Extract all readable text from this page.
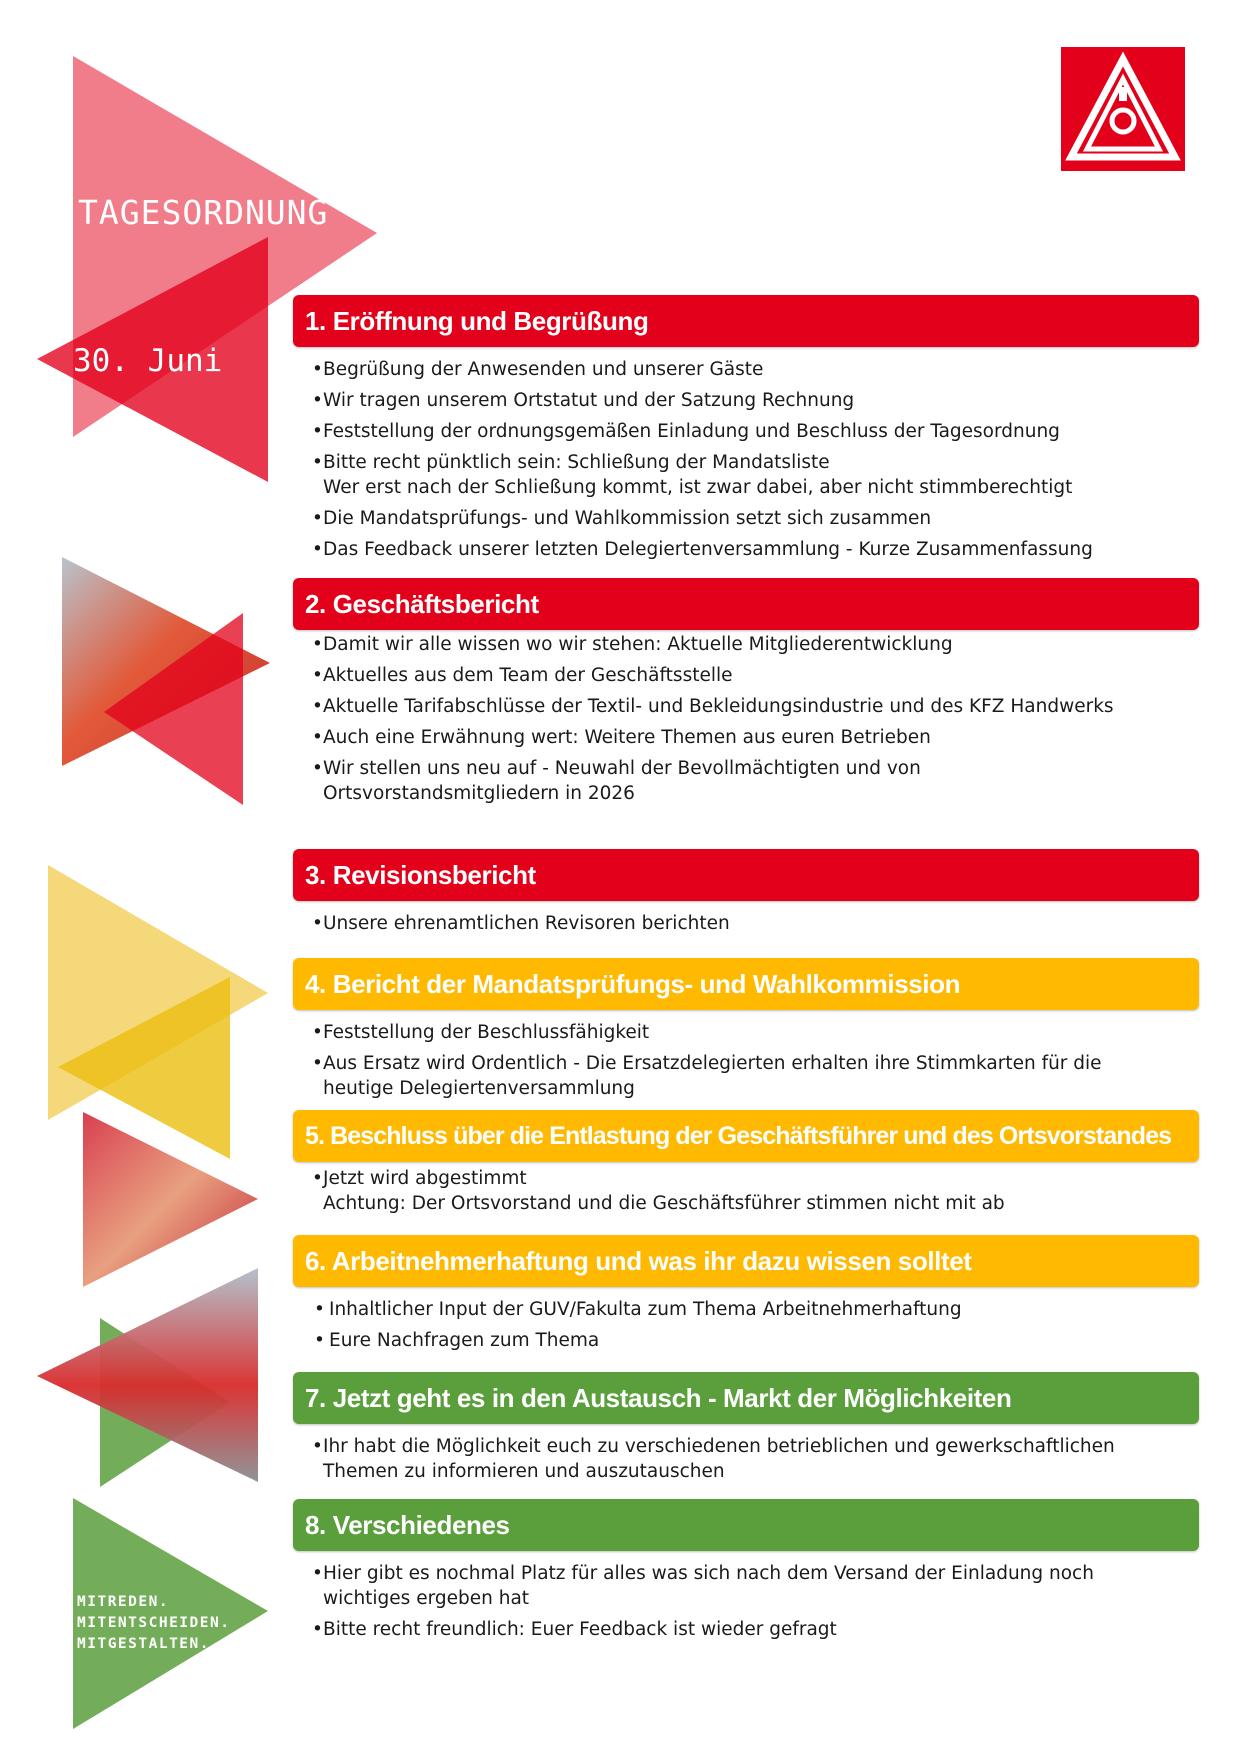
TAGESORDNUNG
30. Juni
MITREDEN.
MITENTSCHEIDEN.
MITGESTALTEN.
1. Eröffnung und Begrüßung
• Begrüßung der Anwesenden und unserer Gäste
• Wir tragen unserem Ortstatut und der Satzung Rechnung
• Feststellung der ordnungsgemäßen Einladung und Beschluss der Tagesordnung
• Bitte recht pünktlich sein: Schließung der Mandatsliste
Wer erst nach der Schließung kommt, ist zwar dabei, aber nicht stimmberechtigt
• Die Mandatsprüfungs- und Wahlkommission setzt sich zusammen
• Das Feedback unserer letzten Delegiertenversammlung - Kurze Zusammenfassung
2. Geschäftsbericht
• Damit wir alle wissen wo wir stehen: Aktuelle Mitgliederentwicklung
• Aktuelles aus dem Team der Geschäftsstelle
• Aktuelle Tarifabschlüsse der Textil- und Bekleidungsindustrie und des KFZ Handwerks
• Auch eine Erwähnung wert: Weitere Themen aus euren Betrieben
• Wir stellen uns neu auf - Neuwahl der Bevollmächtigten und von
Ortsvorstandsmitgliedern in 2026
3. Revisionsbericht
• Unsere ehrenamtlichen Revisoren berichten
4. Bericht der Mandatsprüfungs- und Wahlkommission
• Feststellung der Beschlussfähigkeit
• Aus Ersatz wird Ordentlich - Die Ersatzdelegierten erhalten ihre Stimmkarten für die
heutige Delegiertenversammlung
5. Beschluss über die Entlastung der Geschäftsführer und des Ortsvorstandes
• Jetzt wird abgestimmt
Achtung: Der Ortsvorstand und die Geschäftsführer stimmen nicht mit ab
6. Arbeitnehmerhaftung und was ihr dazu wissen solltet
• Inhaltlicher Input der GUV/Fakulta zum Thema Arbeitnehmerhaftung
• Eure Nachfragen zum Thema
7. Jetzt geht es in den Austausch - Markt der Möglichkeiten
• Ihr habt die Möglichkeit euch zu verschiedenen betrieblichen und gewerkschaftlichen
Themen zu informieren und auszutauschen
8. Verschiedenes
• Hier gibt es nochmal Platz für alles was sich nach dem Versand der Einladung noch
wichtiges ergeben hat
• Bitte recht freundlich: Euer Feedback ist wieder gefragt
